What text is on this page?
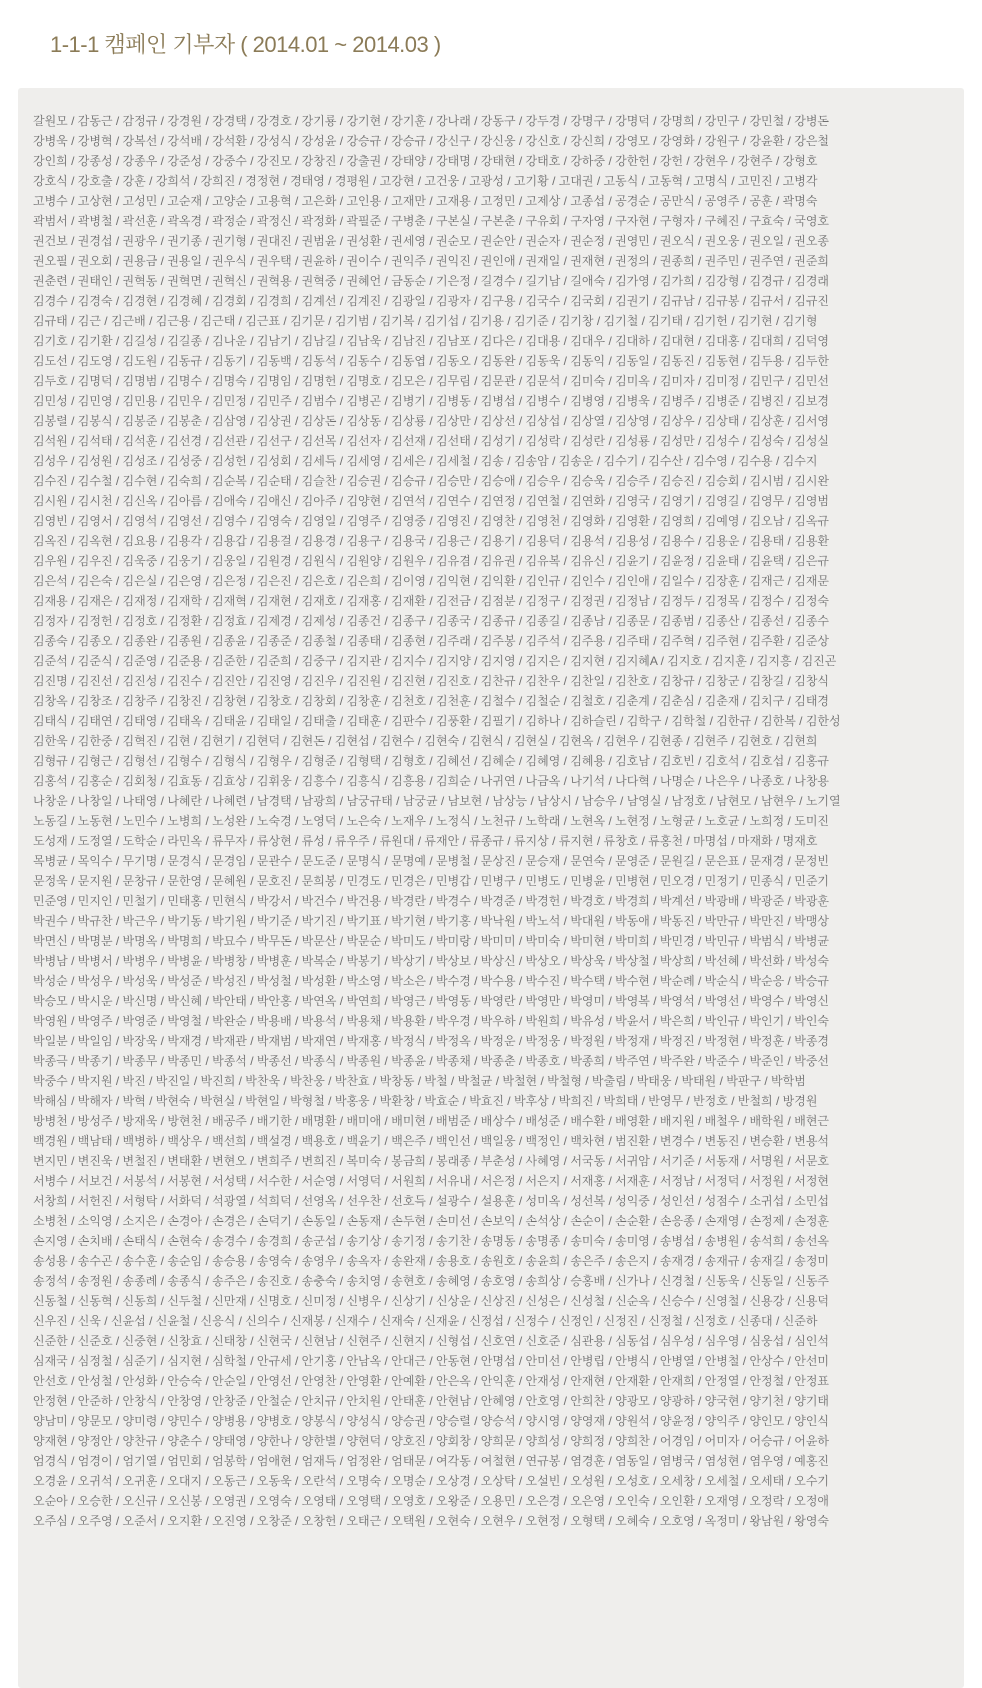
1-1-1 캠페인 기부자 ( 2014.01 ~ 2014.03 )
갈원모 / 감동근 / 감정규 / 강경원 / 강경택 / 강경호 / 강기룡 / 강기현 / 강기훈 / 강나래 / 강동구 / 강두경 / 강명구 / 강명덕 / 강명희 / 강민구 / 강민철 / 강병돈
강병욱 / 강병혁 / 강복선 / 강석배 / 강석환 / 강성식 / 강성윤 / 강승규 / 강승규 / 강신구 / 강신웅 / 강신호 / 강신희 / 강영모 / 강영화 / 강원구 / 강윤환 / 강은철
강인희 / 강종성 / 강종우 / 강준성 / 강중수 / 강진모 / 강창진 / 강출권 / 강태양 / 강태명 / 강태현 / 강태호 / 강하중 / 강한헌 / 강헌 / 강현우 / 강현주 / 강형호
강호식 / 강호출 / 강훈 / 강희석 / 강희진 / 경정현 / 경태영 / 경평원 / 고강현 / 고건웅 / 고광성 / 고기황 / 고대권 / 고동식 / 고동혁 / 고명식 / 고민진 / 고병각
고병수 / 고상현 / 고성민 / 고순재 / 고양순 / 고용혁 / 고은화 / 고인용 / 고재만 / 고재용 / 고정민 / 고제상 / 고종섭 / 공경순 / 공만식 / 공영주 / 공훈 / 곽명숙
곽범서 / 곽병철 / 곽선훈 / 곽옥경 / 곽정순 / 곽정신 / 곽정화 / 곽필준 / 구병춘 / 구본실 / 구본춘 / 구유회 / 구자영 / 구자현 / 구형자 / 구혜진 / 구효숙 / 국영호
권건보 / 권경섭 / 권광우 / 권기종 / 권기형 / 권대진 / 권범윤 / 권성환 / 권세영 / 권순모 / 권순안 / 권순자 / 권순정 / 권영민 / 권오식 / 권오웅 / 권오일 / 권오종
권오필 / 권오회 / 권용금 / 권용일 / 권우식 / 권우택 / 권윤하 / 권이수 / 권익주 / 권익진 / 권인애 / 권재일 / 권재현 / 권정의 / 권종희 / 권주민 / 권주연 / 권준희
권춘련 / 권태인 / 권혁동 / 권혁면 / 권혁신 / 권혁용 / 권혁중 / 권혜언 / 금동순 / 기은정 / 길경수 / 길기남 / 길애숙 / 김가영 / 김가희 / 김강형 / 김경규 / 김경래
김경수 / 김경숙 / 김경현 / 김경혜 / 김경회 / 김경희 / 김계선 / 김계진 / 김광일 / 김광자 / 김구용 / 김국수 / 김국회 / 김권기 / 김규남 / 김규봉 / 김규서 / 김규진
김규태 / 김근 / 김근배 / 김근용 / 김근태 / 김근표 / 김기문 / 김기범 / 김기복 / 김기섭 / 김기용 / 김기준 / 김기창 / 김기철 / 김기태 / 김기헌 / 김기현 / 김기형
김기호 / 김기환 / 김길성 / 김길종 / 김나운 / 김남기 / 김남길 / 김남욱 / 김남진 / 김남포 / 김다은 / 김대용 / 김대우 / 김대하 / 김대현 / 김대홍 / 김대희 / 김덕영
김도선 / 김도영 / 김도원 / 김동규 / 김동기 / 김동백 / 김동석 / 김동수 / 김동엽 / 김동오 / 김동완 / 김동욱 / 김동익 / 김동일 / 김동진 / 김동현 / 김두용 / 김두한
김두호 / 김명덕 / 김명범 / 김명수 / 김명숙 / 김명임 / 김명헌 / 김명호 / 김모은 / 김무림 / 김문관 / 김문석 / 김미숙 / 김미옥 / 김미자 / 김미정 / 김민구 / 김민선
김민성 / 김민영 / 김민용 / 김민우 / 김민정 / 김민주 / 김범수 / 김병곤 / 김병기 / 김병동 / 김병섭 / 김병수 / 김병영 / 김병욱 / 김병주 / 김병준 / 김병진 / 김보경
김봉렬 / 김봉식 / 김봉준 / 김봉춘 / 김삼영 / 김상권 / 김상돈 / 김상동 / 김상룡 / 김상만 / 김상선 / 김상섭 / 김상열 / 김상영 / 김상우 / 김상태 / 김상훈 / 김서영
김석원 / 김석태 / 김석훈 / 김선경 / 김선관 / 김선구 / 김선목 / 김선자 / 김선재 / 김선태 / 김성기 / 김성락 / 김성란 / 김성룡 / 김성만 / 김성수 / 김성숙 / 김성실
김성우 / 김성원 / 김성조 / 김성중 / 김성헌 / 김성회 / 김세득 / 김세영 / 김세은 / 김세철 / 김송 / 김송암 / 김송운 / 김수기 / 김수산 / 김수영 / 김수용 / 김수지
김수진 / 김수철 / 김수현 / 김숙희 / 김순복 / 김순태 / 김슬찬 / 김승권 / 김승규 / 김승만 / 김승애 / 김승우 / 김승욱 / 김승주 / 김승진 / 김승회 / 김시범 / 김시완
김시원 / 김시천 / 김신옥 / 김아름 / 김애숙 / 김애신 / 김아주 / 김양현 / 김연석 / 김연수 / 김연정 / 김연철 / 김연화 / 김영국 / 김영기 / 김영길 / 김영무 / 김영범
김영빈 / 김영서 / 김영석 / 김영선 / 김영수 / 김영숙 / 김영일 / 김영주 / 김영중 / 김영진 / 김영찬 / 김영천 / 김영화 / 김영환 / 김영희 / 김예영 / 김오남 / 김옥규
김옥진 / 김옥현 / 김요용 / 김용각 / 김용갑 / 김용걸 / 김용경 / 김용구 / 김용국 / 김용근 / 김용기 / 김용덕 / 김용석 / 김용성 / 김용수 / 김용운 / 김용태 / 김용환
김우원 / 김우진 / 김욱중 / 김웅기 / 김웅일 / 김원경 / 김원식 / 김원양 / 김원우 / 김유겸 / 김유권 / 김유복 / 김유신 / 김윤기 / 김윤정 / 김윤태 / 김윤택 / 김은규
김은석 / 김은숙 / 김은실 / 김은영 / 김은정 / 김은진 / 김은호 / 김은희 / 김이영 / 김익현 / 김익환 / 김인규 / 김인수 / 김인애 / 김일수 / 김장훈 / 김재근 / 김재문
김재용 / 김재은 / 김재정 / 김재학 / 김재혁 / 김재현 / 김재호 / 김재홍 / 김재환 / 김전금 / 김점분 / 김정구 / 김정권 / 김정남 / 김정두 / 김정목 / 김정수 / 김정숙
김정자 / 김정헌 / 김정호 / 김정환 / 김정효 / 김제경 / 김제성 / 김종건 / 김종구 / 김종국 / 김종규 / 김종길 / 김종남 / 김종문 / 김종범 / 김종산 / 김종선 / 김종수
김종숙 / 김종오 / 김종완 / 김종원 / 김종윤 / 김종준 / 김종철 / 김종태 / 김종현 / 김주래 / 김주봉 / 김주석 / 김주용 / 김주태 / 김주혁 / 김주현 / 김주환 / 김준상
김준석 / 김준식 / 김준영 / 김준용 / 김준한 / 김준희 / 김중구 / 김지관 / 김지수 / 김지양 / 김지영 / 김지은 / 김지현 / 김지혜A / 김지호 / 김지훈 / 김지흥 / 김진곤
김진명 / 김진선 / 김진성 / 김진수 / 김진안 / 김진영 / 김진우 / 김진원 / 김진현 / 김진호 / 김찬규 / 김찬우 / 김찬일 / 김찬호 / 김창규 / 김창군 / 김창길 / 김창식
김창옥 / 김창조 / 김창주 / 김창진 / 김창현 / 김창호 / 김창회 / 김창훈 / 김천호 / 김천훈 / 김철수 / 김철순 / 김철호 / 김춘계 / 김춘심 / 김춘재 / 김치구 / 김태경
김태식 / 김태연 / 김태영 / 김태옥 / 김태윤 / 김태일 / 김태출 / 김태훈 / 김판수 / 김풍환 / 김필기 / 김하나 / 김하슬린 / 김학구 / 김학철 / 김한규 / 김한복 / 김한성
김한욱 / 김한중 / 김혁진 / 김현 / 김현기 / 김현덕 / 김현돈 / 김현섭 / 김현수 / 김현숙 / 김현식 / 김현실 / 김현옥 / 김현우 / 김현종 / 김현주 / 김현호 / 김현희
김형규 / 김형근 / 김형선 / 김형수 / 김형식 / 김형우 / 김형준 / 김형택 / 김형호 / 김혜선 / 김혜순 / 김혜영 / 김혜용 / 김호남 / 김호빈 / 김호석 / 김호섭 / 김홍규
김홍석 / 김홍순 / 김회청 / 김효동 / 김효상 / 김휘웅 / 김흥수 / 김흥식 / 김흥용 / 김희순 / 나귀연 / 나금옥 / 나기석 / 나다혁 / 나명순 / 나은우 / 나종호 / 나창용
나창운 / 나창일 / 나태영 / 나혜란 / 나혜련 / 남경택 / 남광희 / 남궁규태 / 남궁균 / 남보현 / 남상능 / 남상시 / 남승우 / 남영실 / 남정호 / 남현모 / 남현우 / 노기열
노동길 / 노동현 / 노민수 / 노병희 / 노성완 / 노숙경 / 노영덕 / 노은숙 / 노재우 / 노정식 / 노천규 / 노학래 / 노현옥 / 노현정 / 노형균 / 노호균 / 노희정 / 도미진
도성재 / 도정열 / 도학순 / 라민옥 / 류무자 / 류상현 / 류성 / 류우주 / 류원대 / 류재안 / 류종규 / 류지상 / 류지현 / 류창호 / 류홍천 / 마명섭 / 마재화 / 명재호
목병균 / 목익수 / 무기명 / 문경식 / 문경임 / 문관수 / 문도준 / 문명식 / 문명예 / 문병철 / 문상진 / 문승재 / 문연숙 / 문영준 / 문원길 / 문은표 / 문재경 / 문정빈
문정욱 / 문지원 / 문창규 / 문한영 / 문혜원 / 문호진 / 문희봉 / 민경도 / 민경은 / 민병갑 / 민병구 / 민병도 / 민병윤 / 민병현 / 민오경 / 민정기 / 민종식 / 민준기
민준영 / 민지인 / 민철기 / 민태홍 / 민현식 / 박강서 / 박건수 / 박건용 / 박경란 / 박경수 / 박경준 / 박경헌 / 박경호 / 박경희 / 박계선 / 박광배 / 박광준 / 박광훈
박권수 / 박규찬 / 박근우 / 박기동 / 박기원 / 박기준 / 박기진 / 박기표 / 박기현 / 박기홍 / 박낙원 / 박노석 / 박대원 / 박동애 / 박동진 / 박만규 / 박만진 / 박맹상
박면신 / 박명분 / 박명옥 / 박명희 / 박묘수 / 박무돈 / 박문산 / 박문순 / 박미도 / 박미랑 / 박미미 / 박미숙 / 박미현 / 박미희 / 박민경 / 박민규 / 박범식 / 박병균
박병남 / 박병서 / 박병우 / 박병윤 / 박병창 / 박병훈 / 박복순 / 박봉기 / 박상기 / 박상보 / 박상신 / 박상오 / 박상욱 / 박상철 / 박상희 / 박선혜 / 박선화 / 박성숙
박성순 / 박성우 / 박성욱 / 박성준 / 박성진 / 박성철 / 박성환 / 박소영 / 박소은 / 박수경 / 박수용 / 박수진 / 박수택 / 박수현 / 박순례 / 박순식 / 박순응 / 박승규
박승모 / 박시운 / 박신명 / 박신혜 / 박안태 / 박안홍 / 박연옥 / 박연희 / 박영근 / 박영동 / 박영란 / 박영만 / 박영미 / 박영복 / 박영석 / 박영선 / 박영수 / 박영신
박영원 / 박영주 / 박영준 / 박영철 / 박완순 / 박용배 / 박용석 / 박용채 / 박용환 / 박우경 / 박우하 / 박원희 / 박유성 / 박윤서 / 박은희 / 박인규 / 박인기 / 박인숙
박일분 / 박일임 / 박장욱 / 박재경 / 박재관 / 박재범 / 박재연 / 박재홍 / 박정식 / 박정옥 / 박정운 / 박정웅 / 박정원 / 박정재 / 박정진 / 박정현 / 박정훈 / 박종경
박종극 / 박종기 / 박종무 / 박종민 / 박종석 / 박종선 / 박종식 / 박종원 / 박종윤 / 박종채 / 박종춘 / 박종호 / 박종희 / 박주연 / 박주완 / 박준수 / 박준인 / 박중선
박중수 / 박지원 / 박진 / 박진일 / 박진희 / 박찬욱 / 박찬웅 / 박찬효 / 박창동 / 박철 / 박철균 / 박철현 / 박철형 / 박출림 / 박태웅 / 박태원 / 박판구 / 박학범
박해심 / 박해자 / 박혁 / 박현숙 / 박현실 / 박현일 / 박형철 / 박홍웅 / 박환창 / 박효순 / 박효진 / 박후상 / 박희진 / 박희태 / 반영무 / 반정호 / 반철희 / 방경원
방병천 / 방성주 / 방재욱 / 방현천 / 배공주 / 배기한 / 배명환 / 배미애 / 배미현 / 배범준 / 배상수 / 배성준 / 배수환 / 배영환 / 배지원 / 배철우 / 배학원 / 배현근
백경원 / 백남태 / 백병하 / 백상우 / 백선희 / 백설경 / 백용호 / 백윤기 / 백은주 / 백인선 / 백일웅 / 백정인 / 백차현 / 범진환 / 변경수 / 변동진 / 변승환 / 변용석
변지민 / 변진욱 / 변철진 / 변태환 / 변현오 / 변희주 / 변희진 / 복미숙 / 봉금희 / 봉래종 / 부춘성 / 사혜영 / 서국동 / 서귀암 / 서기준 / 서동재 / 서명원 / 서문호
서병수 / 서보건 / 서봉석 / 서봉현 / 서성택 / 서수한 / 서순영 / 서영덕 / 서원희 / 서유내 / 서은정 / 서은지 / 서재홍 / 서재훈 / 서정남 / 서정덕 / 서정원 / 서정현
서창희 / 서헌진 / 서형탁 / 서화덕 / 석광열 / 석희덕 / 선영옥 / 선우찬 / 선호득 / 설광수 / 설용훈 / 성미옥 / 성선복 / 성익중 / 성인선 / 성점수 / 소귀섭 / 소민섭
소병천 / 소익영 / 소지은 / 손경아 / 손경은 / 손덕기 / 손동일 / 손동재 / 손두현 / 손미선 / 손보익 / 손석상 / 손순이 / 손순환 / 손응종 / 손재영 / 손정제 / 손정훈
손지영 / 손치배 / 손태식 / 손현숙 / 송경수 / 송경희 / 송군섭 / 송기상 / 송기정 / 송기찬 / 송명동 / 송명종 / 송미숙 / 송미영 / 송병섭 / 송병원 / 송석희 / 송선옥
송성용 / 송수곤 / 송수훈 / 송순임 / 송승용 / 송영숙 / 송영우 / 송옥자 / 송완재 / 송용호 / 송원호 / 송윤희 / 송은주 / 송은지 / 송재경 / 송재규 / 송재길 / 송정미
송정석 / 송정원 / 송종례 / 송종식 / 송주은 / 송진호 / 송충숙 / 송치영 / 송현호 / 송혜영 / 송호영 / 송희상 / 승홍배 / 신가나 / 신경철 / 신동욱 / 신동일 / 신동주
신동철 / 신동혁 / 신동희 / 신두철 / 신만재 / 신명호 / 신미정 / 신병우 / 신상기 / 신상운 / 신상진 / 신성은 / 신성철 / 신순옥 / 신승수 / 신영철 / 신용강 / 신용덕
신우진 / 신욱 / 신윤섭 / 신윤철 / 신응식 / 신의수 / 신재봉 / 신재수 / 신재숙 / 신재윤 / 신정섭 / 신정수 / 신정인 / 신정진 / 신정철 / 신정호 / 신종대 / 신준하
신준한 / 신준호 / 신중현 / 신창효 / 신태창 / 신현국 / 신현남 / 신현주 / 신현지 / 신형섭 / 신호연 / 신호준 / 심관용 / 심동섭 / 심우성 / 심우영 / 심웅섭 / 심인석
심재국 / 심정철 / 심준기 / 심지현 / 심학철 / 안규세 / 안기홍 / 안남옥 / 안대근 / 안동현 / 안명섭 / 안미선 / 안병립 / 안병식 / 안병열 / 안병철 / 안상수 / 안선미
안선호 / 안성철 / 안성화 / 안승숙 / 안순일 / 안영선 / 안영찬 / 안영환 / 안예환 / 안은옥 / 안익훈 / 안재성 / 안재현 / 안재환 / 안재희 / 안정열 / 안정철 / 안정표
안정현 / 안준하 / 안창식 / 안창영 / 안창준 / 안철순 / 안치규 / 안치원 / 안태훈 / 안현남 / 안혜영 / 안호영 / 안희찬 / 양광모 / 양광하 / 양국현 / 양기천 / 양기태
양남미 / 양문모 / 양미령 / 양민수 / 양병용 / 양병호 / 양봉식 / 양성식 / 양승권 / 양승렬 / 양승석 / 양시영 / 양영재 / 양원석 / 양윤정 / 양익주 / 양인모 / 양인식
양재현 / 양정안 / 양찬규 / 양춘수 / 양태영 / 양한나 / 양한별 / 양현덕 / 양호진 / 양회창 / 양희문 / 양희성 / 양희정 / 양희찬 / 어경임 / 어미자 / 어승규 / 어윤하
엄경식 / 엄경이 / 엄기열 / 엄민회 / 엄봉학 / 엄애현 / 엄재득 / 엄정완 / 엄태문 / 여각동 / 여철현 / 연규봉 / 염경훈 / 염동일 / 염병국 / 염성현 / 염우영 / 예홍진
오경윤 / 오귀석 / 오귀훈 / 오대지 / 오동근 / 오동욱 / 오란석 / 오명숙 / 오명순 / 오상경 / 오상탁 / 오설빈 / 오성원 / 오성호 / 오세창 / 오세철 / 오세태 / 오수기
오순아 / 오승한 / 오신규 / 오신봉 / 오영권 / 오영숙 / 오영태 / 오영택 / 오영호 / 오왕준 / 오용민 / 오은경 / 오은영 / 오인숙 / 오인환 / 오재영 / 오정락 / 오정애
오주심 / 오주영 / 오준서 / 오지환 / 오진영 / 오창준 / 오창헌 / 오태근 / 오택원 / 오현숙 / 오현우 / 오현정 / 오형택 / 오혜숙 / 오호영 / 옥정미 / 왕남원 / 왕영숙
